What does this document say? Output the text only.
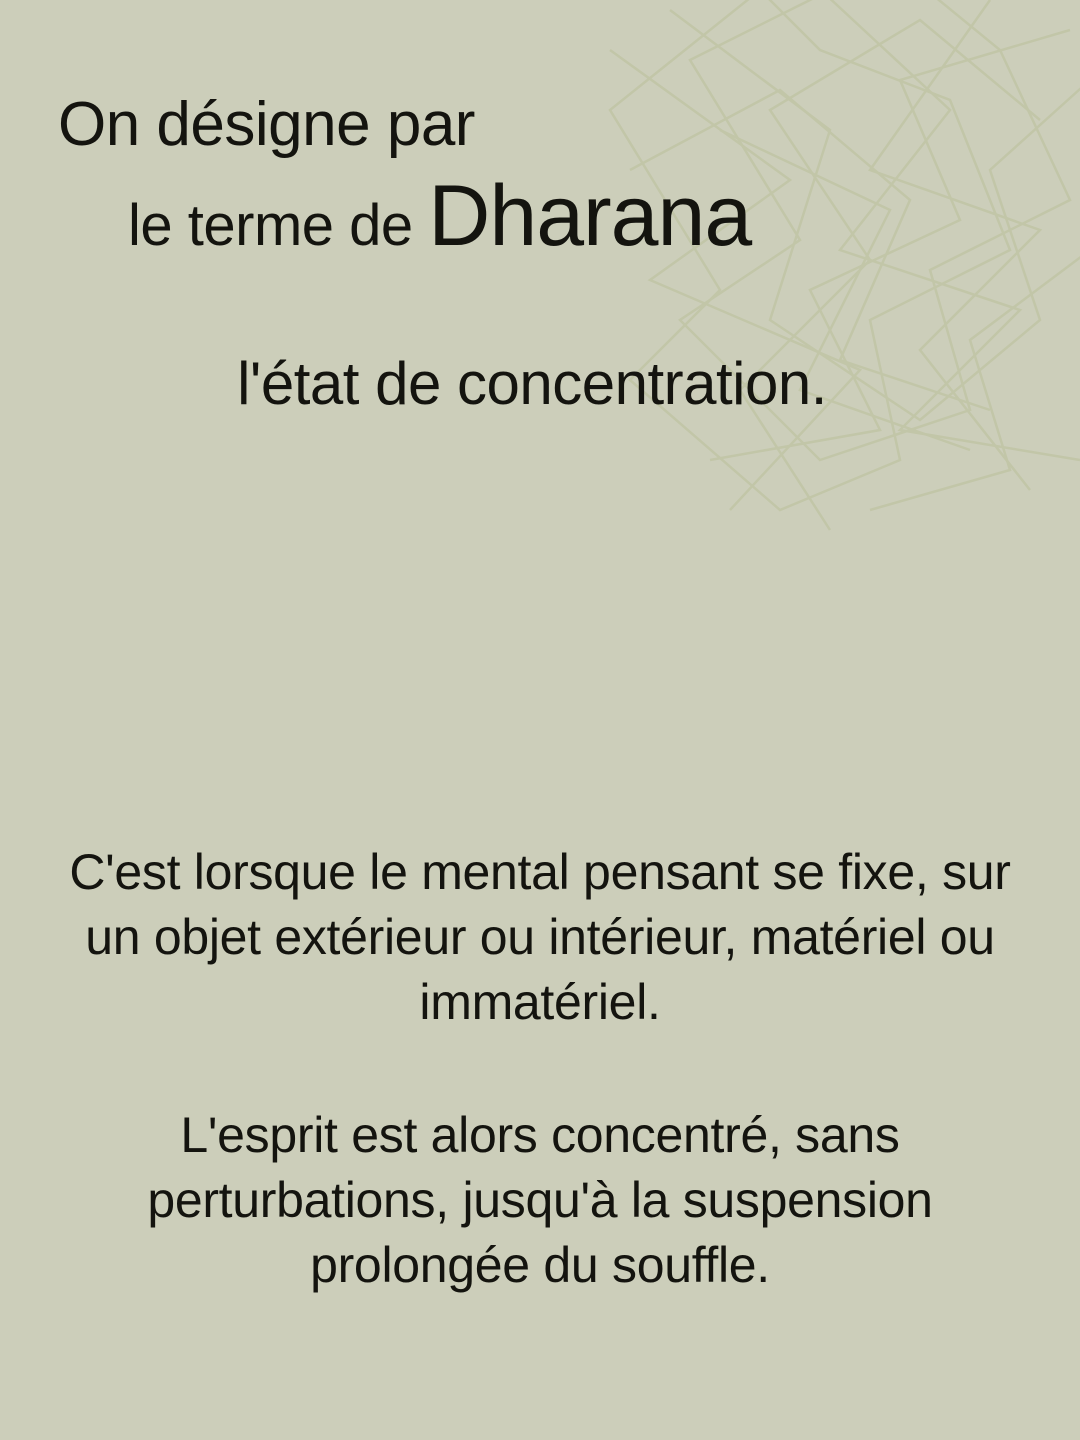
On désigne par
le terme de Dharana
l'état de concentration.

C'est lorsque le mental pensant se fixe, sur un objet extérieur ou intérieur, matériel ou immatériel.

L'esprit est alors concentré, sans perturbations, jusqu'à la suspension prolongée du souffle.
